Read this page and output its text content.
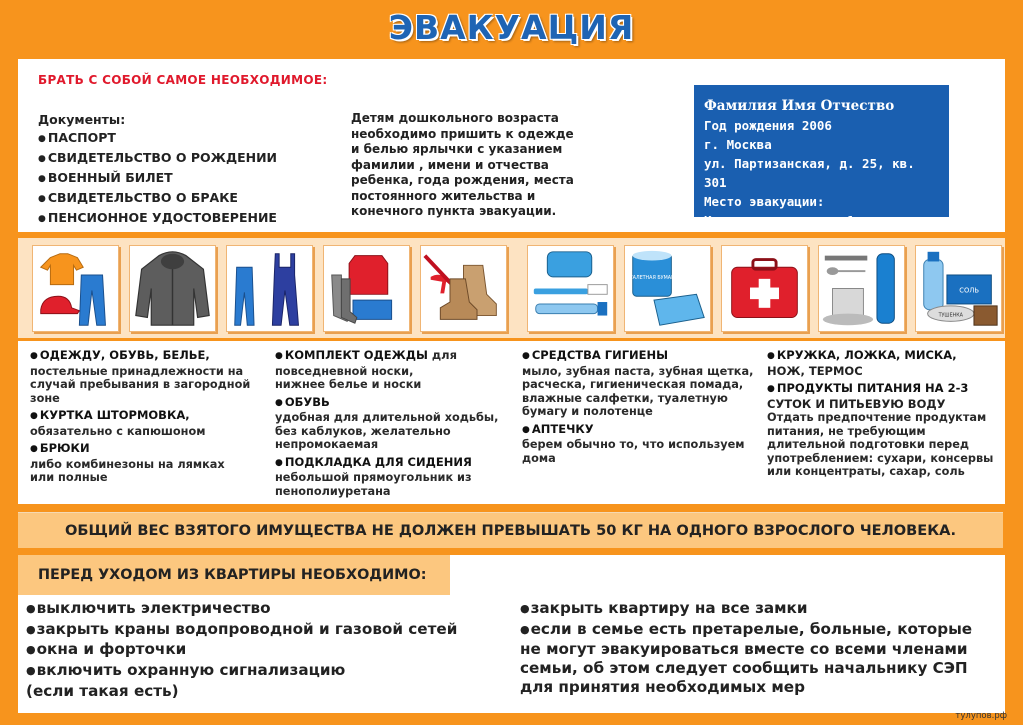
ЭВАКУАЦИЯ
БРАТЬ С СОБОЙ САМОЕ НЕОБХОДИМОЕ:
Документы:
● ПАСПОРТ
● СВИДЕТЕЛЬСТВО О РОЖДЕНИИ
● ВОЕННЫЙ БИЛЕТ
● СВИДЕТЕЛЬСТВО О БРАКЕ
● ПЕНСИОННОЕ УДОСТОВЕРЕНИЕ
Детям дошкольного возраста
необходимо пришить к одежде
и белью ярлычки с указанием
фамилии , имени и отчества
ребенка, года рождения, места
постоянного жительства и
конечного пункта эвакуации.
Фамилия Имя Отчество
Год рождения 2006
г. Москва
ул. Партизанская, д. 25, кв. 301
Место эвакуации:
Красная площадь д. 1в
ТУАЛЕТНАЯ БУМАГА
СОЛЬ
ТУШЕНКА
● ОДЕЖДУ, ОБУВЬ, БЕЛЬЕ,
постельные принадлежности на
случай пребывания в загородной
зоне
● КУРТКА ШТОРМОВКА,
обязательно с капюшоном
● БРЮКИ
либо комбинезоны на лямках
или полные
● КОМПЛЕКТ ОДЕЖДЫ для
повседневной носки,
нижнее белье и носки
● ОБУВЬ
удобная для длительной ходьбы,
без каблуков, желательно
непромокаемая
● ПОДКЛАДКА ДЛЯ СИДЕНИЯ
небольшой прямоугольник из
пенополиуретана
● СРЕДСТВА ГИГИЕНЫ
мыло, зубная паста, зубная щетка,
расческа, гигиеническая помада,
влажные салфетки, туалетную
бумагу и полотенце
● АПТЕЧКУ
берем обычно то, что используем
дома
● КРУЖКА, ЛОЖКА, МИСКА,
НОЖ, ТЕРМОС
● ПРОДУКТЫ ПИТАНИЯ НА 2-3
СУТОК И ПИТЬЕВУЮ ВОДУ
Отдать предпочтение продуктам
питания, не требующим
длительной подготовки перед
употреблением: сухари, консервы
или концентраты, сахар, соль
ОБЩИЙ ВЕС ВЗЯТОГО ИМУЩЕСТВА НЕ ДОЛЖЕН ПРЕВЫШАТЬ 50 КГ НА ОДНОГО ВЗРОСЛОГО ЧЕЛОВЕКА.
ПЕРЕД УХОДОМ ИЗ КВАРТИРЫ НЕОБХОДИМО:
● выключить электричество
● закрыть краны водопроводной и газовой сетей
● окна и форточки
● включить охранную сигнализацию
(если такая есть)
● закрыть квартиру на все замки
● если в семье есть претарелые, больные, которые
не могут эвакуироваться вместе со всеми членами
семьи, об этом следует сообщить начальнику СЭП
для принятия необходимых мер
тулупов.рф
